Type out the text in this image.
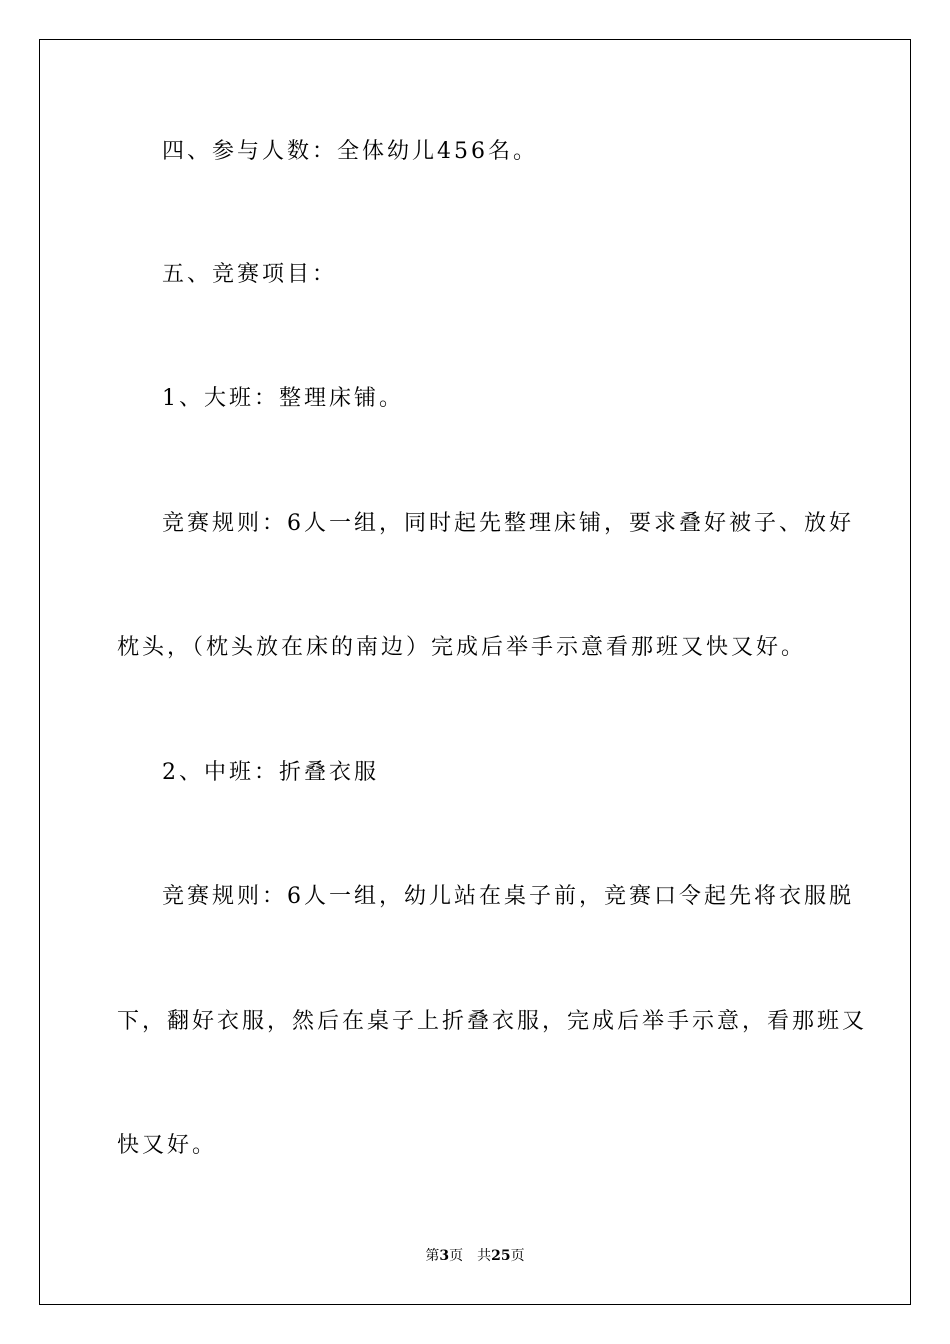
四、参与人数：全体幼儿456名。
五、竞赛项目：
1、大班：整理床铺。
竞赛规则：6人一组，同时起先整理床铺，要求叠好被子、放好
枕头，（枕头放在床的南边）完成后举手示意看那班又快又好。
2、中班：折叠衣服
竞赛规则：6人一组，幼儿站在桌子前，竞赛口令起先将衣服脱
下，翻好衣服，然后在桌子上折叠衣服，完成后举手示意，看那班又
快又好。
第3页　共25页
